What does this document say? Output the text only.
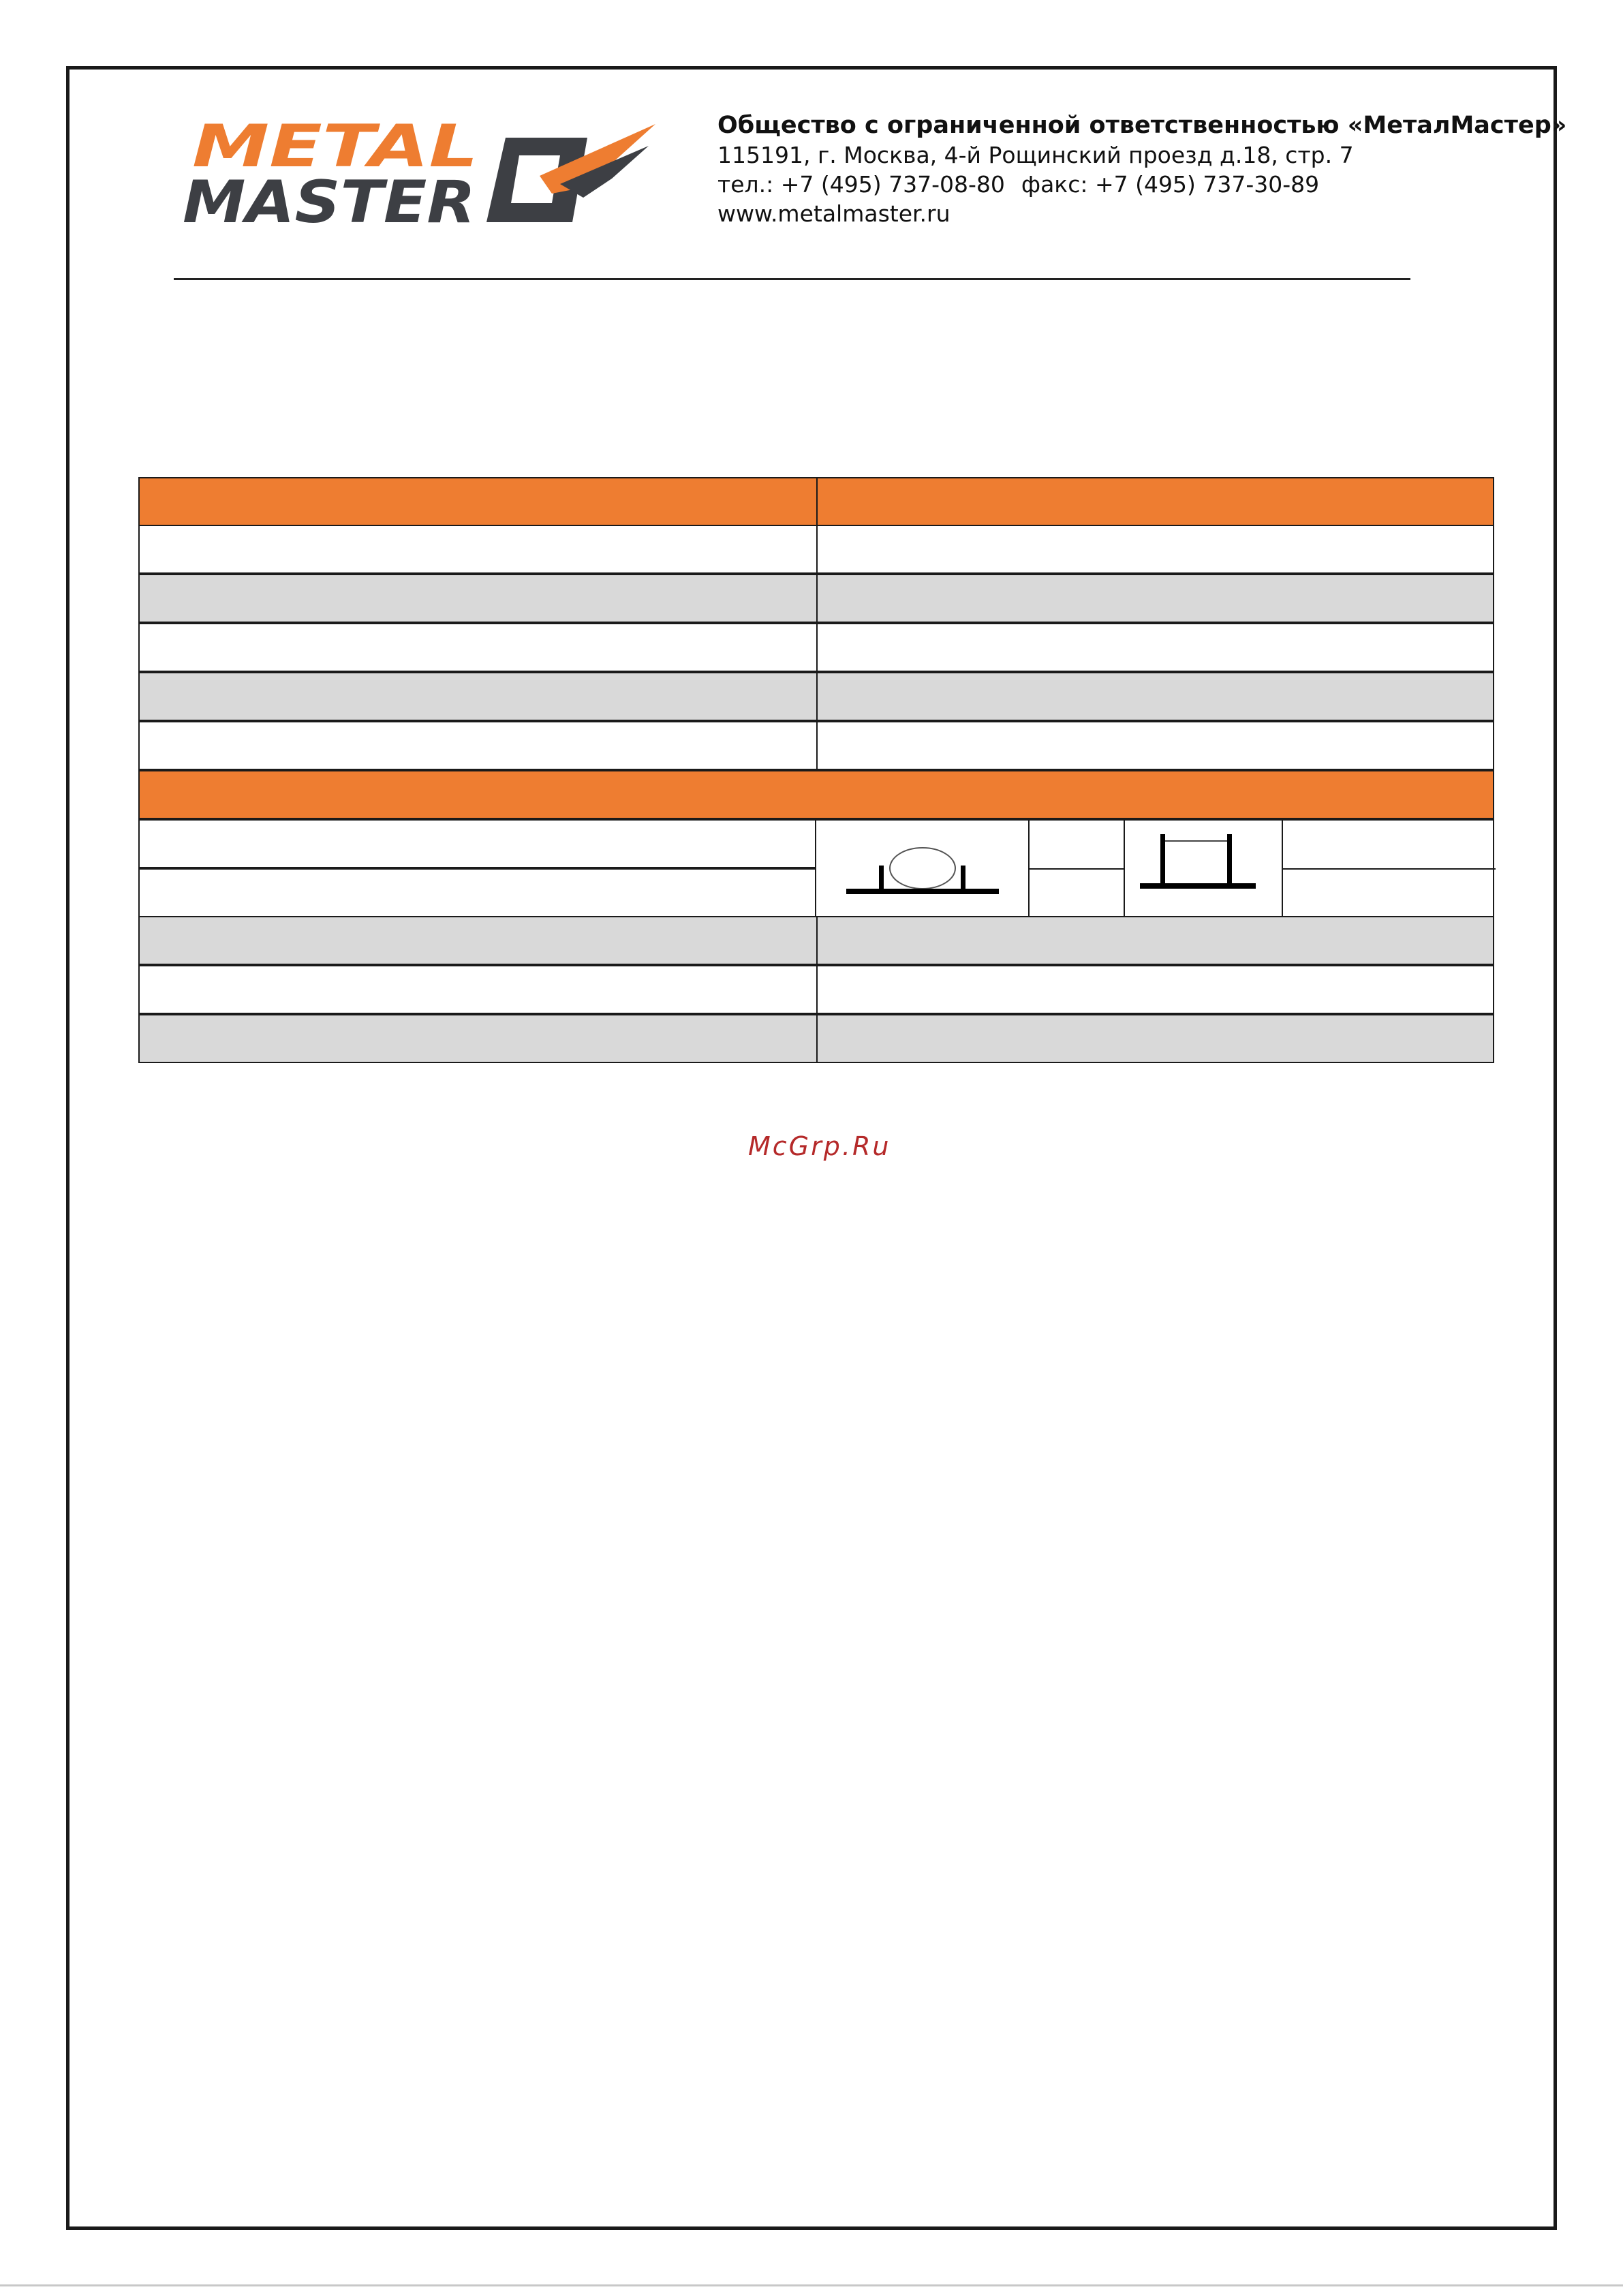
METAL
MASTER
Общество с ограниченной ответственностью «МеталМастер»
115191, г. Москва, 4-й Рощинский проезд д.18, стр. 7
тел.: +7 (495) 737-08-80 факс: +7 (495) 737-30-89
www.metalmaster.ru
McGrp.Ru
